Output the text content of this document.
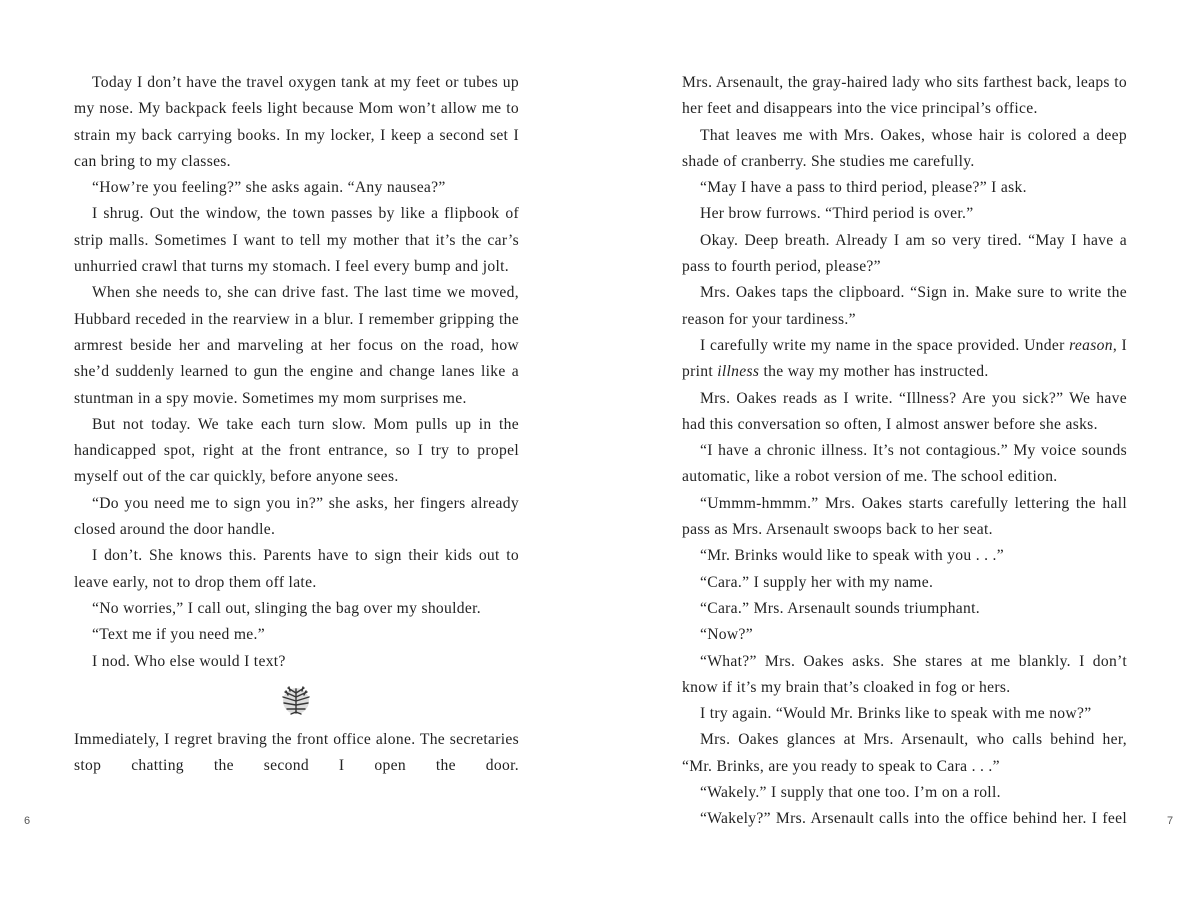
Today I don’t have the travel oxygen tank at my feet or tubes up my nose. My backpack feels light because Mom won’t allow me to strain my back carrying books. In my locker, I keep a second set I can bring to my classes.

“How’re you feeling?” she asks again. “Any nausea?”

I shrug. Out the window, the town passes by like a flipbook of strip malls. Sometimes I want to tell my mother that it’s the car’s unhurried crawl that turns my stomach. I feel every bump and jolt.

When she needs to, she can drive fast. The last time we moved, Hubbard receded in the rearview in a blur. I remember gripping the armrest beside her and marveling at her focus on the road, how she’d suddenly learned to gun the engine and change lanes like a stuntman in a spy movie. Sometimes my mom surprises me.

But not today. We take each turn slow. Mom pulls up in the handicapped spot, right at the front entrance, so I try to propel myself out of the car quickly, before anyone sees.

“Do you need me to sign you in?” she asks, her fingers already closed around the door handle.

I don’t. She knows this. Parents have to sign their kids out to leave early, not to drop them off late.

“No worries,” I call out, slinging the bag over my shoulder.

“Text me if you need me.”

I nod. Who else would I text?

Immediately, I regret braving the front office alone. The secretaries stop chatting the second I open the door.

Mrs. Arsenault, the gray-haired lady who sits farthest back, leaps to her feet and disappears into the vice principal’s office.

That leaves me with Mrs. Oakes, whose hair is colored a deep shade of cranberry. She studies me carefully.

“May I have a pass to third period, please?” I ask.

Her brow furrows. “Third period is over.”

Okay. Deep breath. Already I am so very tired. “May I have a pass to fourth period, please?”

Mrs. Oakes taps the clipboard. “Sign in. Make sure to write the reason for your tardiness.”

I carefully write my name in the space provided. Under reason, I print illness the way my mother has instructed.

Mrs. Oakes reads as I write. “Illness? Are you sick?” We have had this conversation so often, I almost answer before she asks.

“I have a chronic illness. It’s not contagious.” My voice sounds automatic, like a robot version of me. The school edition.

“Ummm-hmmm.” Mrs. Oakes starts carefully lettering the hall pass as Mrs. Arsenault swoops back to her seat.

“Mr. Brinks would like to speak with you . . .”

“Cara.” I supply her with my name.

“Cara.” Mrs. Arsenault sounds triumphant.

“Now?”

“What?” Mrs. Oakes asks. She stares at me blankly. I don’t know if it’s my brain that’s cloaked in fog or hers.

I try again. “Would Mr. Brinks like to speak with me now?”

Mrs. Oakes glances at Mrs. Arsenault, who calls behind her, “Mr. Brinks, are you ready to speak to Cara . . .”

“Wakely.” I supply that one too. I’m on a roll.

“Wakely?” Mrs. Arsenault calls into the office behind her. I feel

6	7
